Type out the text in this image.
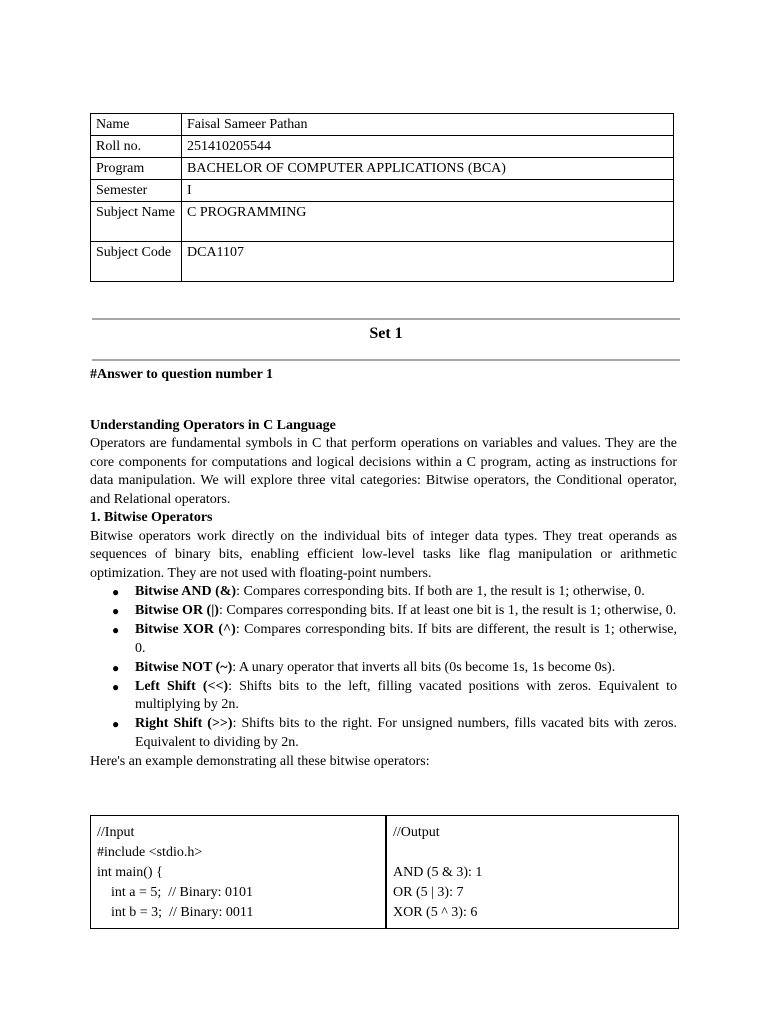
Name	Faisal Sameer Pathan
Roll no.	251410205544
Program	BACHELOR OF COMPUTER APPLICATIONS (BCA)
Semester	I
Subject Name	C PROGRAMMING
Subject Code	DCA1107
Set 1

#Answer to question number 1

Understanding Operators in C Language

Operators are fundamental symbols in C that perform operations on variables and values. They are the core components for computations and logical decisions within a C program, acting as instructions for data manipulation. We will explore three vital categories: Bitwise operators, the Conditional operator, and Relational operators.

1. Bitwise Operators

Bitwise operators work directly on the individual bits of integer data types. They treat operands as sequences of binary bits, enabling efficient low-level tasks like flag manipulation or arithmetic optimization. They are not used with floating-point numbers.

● Bitwise AND (&): Compares corresponding bits. If both are 1, the result is 1; otherwise, 0.
● Bitwise OR (|): Compares corresponding bits. If at least one bit is 1, the result is 1; otherwise, 0.
● Bitwise XOR (^): Compares corresponding bits. If bits are different, the result is 1; otherwise, 0.
● Bitwise NOT (~): A unary operator that inverts all bits (0s become 1s, 1s become 0s).
● Left Shift (<<): Shifts bits to the left, filling vacated positions with zeros. Equivalent to multiplying by 2n.
● Right Shift (>>): Shifts bits to the right. For unsigned numbers, fills vacated bits with zeros. Equivalent to dividing by 2n.

Here's an example demonstrating all these bitwise operators:

//Input
#include <stdio.h>
int main() {
int a = 5;  // Binary: 0101
int b = 3;  // Binary: 0011

//Output
AND (5 & 3): 1
OR (5 | 3): 7
XOR (5 ^ 3): 6
